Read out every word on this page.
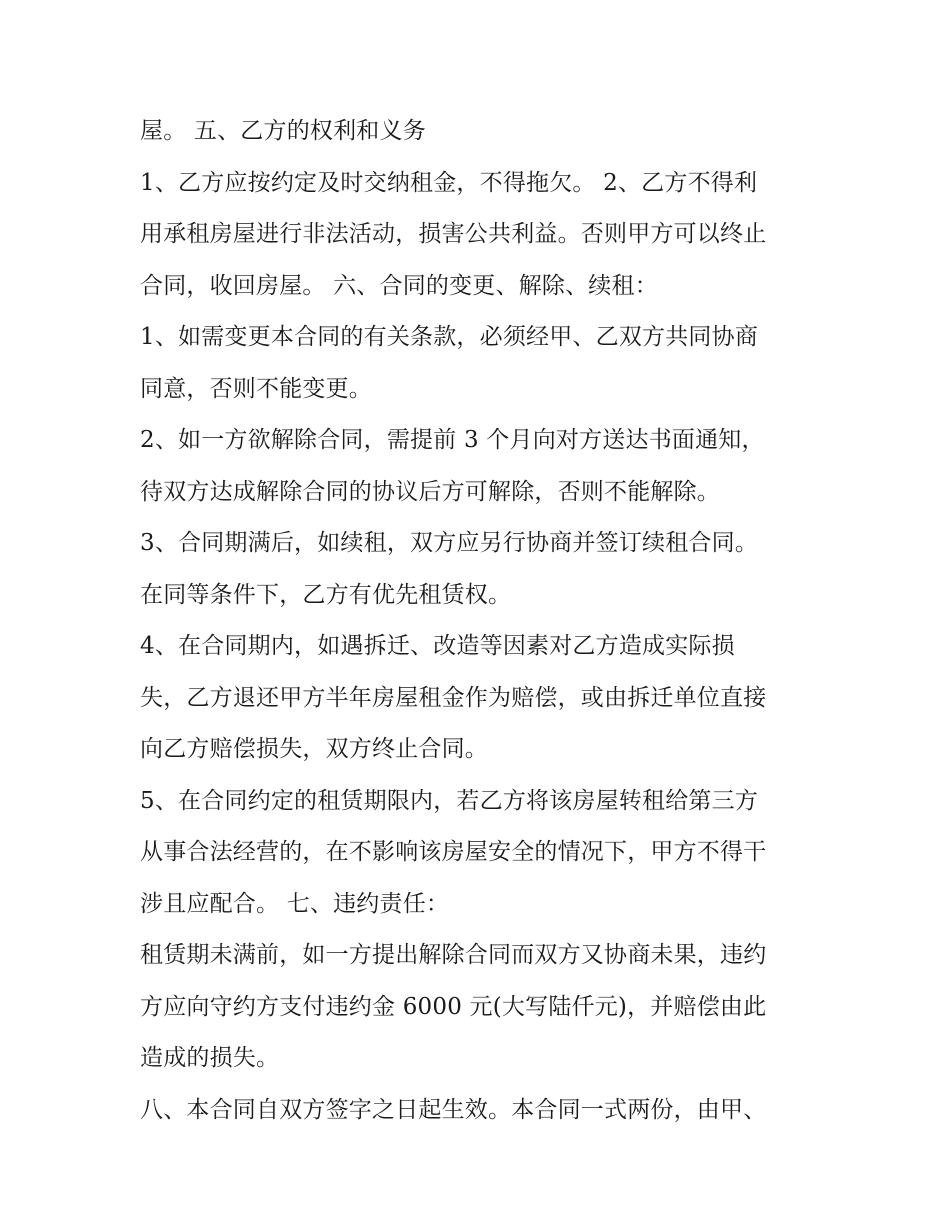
屋。 五、乙方的权利和义务
1、乙方应按约定及时交纳租金，不得拖欠。 2、乙方不得利
用承租房屋进行非法活动，损害公共利益。否则甲方可以终止
合同，收回房屋。 六、合同的变更、解除、续租：
1、如需变更本合同的有关条款，必须经甲、乙双方共同协商
同意，否则不能变更。
2、如一方欲解除合同，需提前 3 个月向对方送达书面通知，
待双方达成解除合同的协议后方可解除，否则不能解除。
3、合同期满后，如续租，双方应另行协商并签订续租合同。
在同等条件下，乙方有优先租赁权。
4、在合同期内，如遇拆迁、改造等因素对乙方造成实际损
失，乙方退还甲方半年房屋租金作为赔偿，或由拆迁单位直接
向乙方赔偿损失，双方终止合同。
5、在合同约定的租赁期限内，若乙方将该房屋转租给第三方
从事合法经营的，在不影响该房屋安全的情况下，甲方不得干
涉且应配合。 七、违约责任：
租赁期未满前，如一方提出解除合同而双方又协商未果，违约
方应向守约方支付违约金 6000 元(大写陆仟元)，并赔偿由此
造成的损失。
八、本合同自双方签字之日起生效。本合同一式两份，由甲、
